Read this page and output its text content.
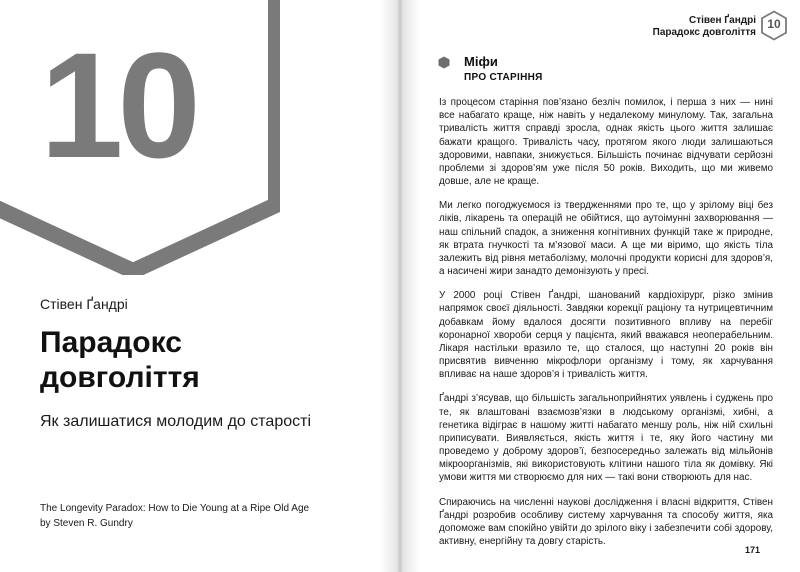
10
Стівен Ґандрі
Парадокс
довголіття
Як залишатися молодим до старості
The Longevity Paradox: How to Die Young at a Ripe Old Age
by Steven R. Gundry
Стівен Ґандрі
Парадокс довголіття
10
Міфи
ПРО СТАРІННЯ

Із процесом старіння пов’язано безліч помилок, і перша з них — нині все набагато краще, ніж навіть у недалекому минулому. Так, загальна тривалість життя справді зросла, однак якість цього життя залишає бажати кращого. Тривалість часу, протягом якого люди залишаються здоровими, навпаки, знижується. Більшість починає відчувати серйозні проблеми зі здоров’ям уже після 50 років. Виходить, що ми живемо довше, але не краще.

Ми легко погоджуємося із твердженнями про те, що у зрілому віці без ліків, лікарень та операцій не обійтися, що аутоімунні захворювання — наш спільний спадок, а зниження когнітивних функцій таке ж природне, як втрата гнучкості та м’язової маси. А ще ми віримо, що якість тіла залежить від рівня метаболізму, молочні продукти корисні для здоров’я, а насичені жири занадто демонізують у пресі.

У 2000 році Стівен Ґандрі, шанований кардіохірург, різко змінив напрямок своєї діяльності. Завдяки корекції раціону та нутрицевтичним добавкам йому вдалося досягти позитивного впливу на перебіг коронарної хвороби серця у пацієнта, який вважався неоперабельним. Лікаря настільки вразило те, що сталося, що наступні 20 років він присвятив вивченню мікрофлори організму і тому, як харчування впливає на наше здоров’я і тривалість життя.

Ґандрі з’ясував, що більшість загальноприйнятих уявлень і суджень про те, як влаштовані взаємозв’язки в людському організмі, хибні, а генетика відіграє в нашому житті набагато меншу роль, ніж ній схильні приписувати. Виявляється, якість життя і те, яку його частину ми проведемо у доброму здоров’ї, безпосередньо залежать від мільйонів мікроорганізмів, які використовують клітини нашого тіла як домівку. Які умови життя ми створюємо для них — такі вони створюють для нас.

Спираючись на численні наукові дослідження і власні відкриття, Стівен Ґандрі розробив особливу систему харчування та способу життя, яка допоможе вам спокійно увійти до зрілого віку і забезпечити собі здорову, активну, енергійну та довгу старість.

171
